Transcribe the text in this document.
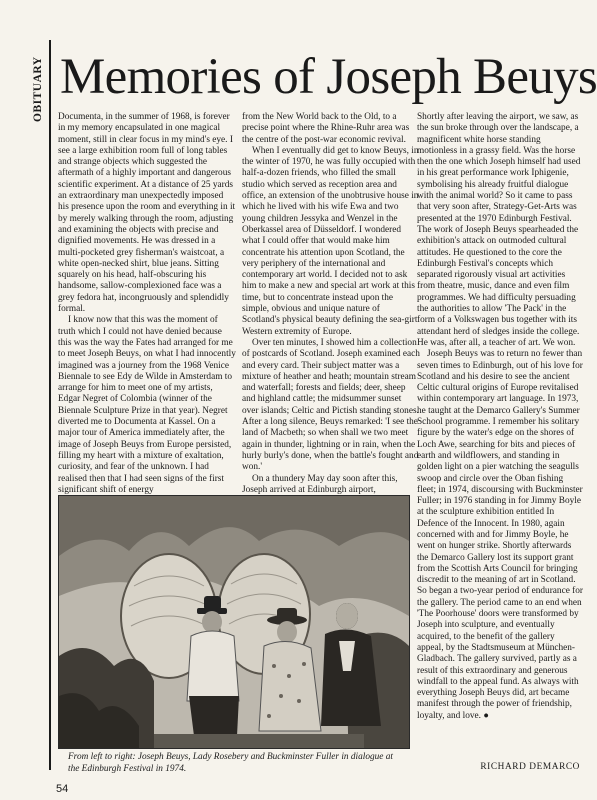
OBITUARY Memories of Joseph Beuys

Documenta, in the summer of 1968, is forever in my memory encapsulated in one magical moment, still in clear focus in my mind's eye. I see a large exhibition room full of long tables and strange objects which suggested the aftermath of a highly important and dangerous scientific experiment. At a distance of 25 yards an extraordinary man unexpectedly imposed his presence upon the room and everything in it by merely walking through the room, adjusting and examining the objects with precise and dignified movements. He was dressed in a multi-pocketed grey fisherman's waistcoat, a white open-necked shirt, blue jeans. Sitting squarely on his head, half-obscuring his handsome, sallow-complexioned face was a grey fedora hat, incongruously and splendidly formal.

I know now that this was the moment of truth which I could not have denied because this was the way the Fates had arranged for me to meet Joseph Beuys, on what I had innocently imagined was a journey from the 1968 Venice Biennale to see Edy de Wilde in Amsterdam to arrange for him to meet one of my artists, Edgar Negret of Colombia (winner of the Biennale Sculpture Prize in that year). Negret diverted me to Documenta at Kassel. On a major tour of America immediately after, the image of Joseph Beuys from Europe persisted, filling my heart with a mixture of exaltation, curiosity, and fear of the unknown. I had realised then that I had seen signs of the first significant shift of energy

from the New World back to the Old, to a precise point where the Rhine-Ruhr area was the centre of the post-war economic revival.

When I eventually did get to know Beuys, in the winter of 1970, he was fully occupied with half-a-dozen friends, who filled the small studio which served as reception area and office, an extension of the unobtrusive house in which he lived with his wife Ewa and two young children Jessyka and Wenzel in the Oberkassel area of Düsseldorf. I wondered what I could offer that would make him concentrate his attention upon Scotland, the very periphery of the international and contemporary art world. I decided not to ask him to make a new and special art work at this time, but to concentrate instead upon the simple, obvious and unique nature of Scotland's physical beauty defining the sea-girt Western extremity of Europe.

Over ten minutes, I showed him a collection of postcards of Scotland. Joseph examined each and every card. Their subject matter was a mixture of heather and heath; mountain stream and waterfall; forests and fields; deer, sheep and highland cattle; the midsummer sunset over islands; Celtic and Pictish standing stones. After a long silence, Beuys remarked: 'I see the land of Macbeth; so when shall we two meet again in thunder, lightning or in rain, when the hurly burly's done, when the battle's fought and won.'

On a thundery May day soon after this, Joseph arrived at Edinburgh airport,

Shortly after leaving the airport, we saw, as the sun broke through over the landscape, a magnificent white horse standing motionless in a grassy field. Was the horse then the one which Joseph himself had used in his great performance work Iphigenie, symbolising his already fruitful dialogue with the animal world? So it came to pass that very soon after, Strategy-Get-Arts was presented at the 1970 Edinburgh Festival. The work of Joseph Beuys spearheaded the exhibition's attack on outmoded cultural attitudes. He questioned to the core the Edinburgh Festival's concepts which separated rigorously visual art activities from theatre, music, dance and even film programmes. We had difficulty persuading the authorities to allow 'The Pack' in the form of a Volkswagen bus together with its attendant herd of sledges inside the college. He was, after all, a teacher of art. We won.

Joseph Beuys was to return no fewer than seven times to Edinburgh, out of his love for Scotland and his desire to see the ancient Celtic cultural origins of Europe revitalised within contemporary art language. In 1973, he taught at the Demarco Gallery's Summer School programme. I remember his solitary figure by the water's edge on the shores of Loch Awe, searching for bits and pieces of earth and wildflowers, and standing in golden light on a pier watching the seagulls swoop and circle over the Oban fishing fleet; in 1974, discoursing with Buckminster Fuller; in 1976 standing in for Jimmy Boyle at the sculpture exhibition entitled In Defence of the Innocent. In 1980, again concerned with and for Jimmy Boyle, he went on hunger strike. Shortly afterwards the Demarco Gallery lost its support grant from the Scottish Arts Council for bringing discredit to the meaning of art in Scotland. So began a two-year period of endurance for the gallery. The period came to an end when 'The Poorhouse' doors were transformed by Joseph into sculpture, and eventually acquired, to the benefit of the gallery appeal, by the Stadtsmuseum at München-Gladbach. The gallery survived, partly as a result of this extraordinary and generous windfall to the appeal fund. As always with everything Joseph Beuys did, art became manifest through the power of friendship, loyalty, and love. ●

From left to right: Joseph Beuys, Lady Rosebery and Buckminster Fuller in dialogue at the Edinburgh Festival in 1974.	RICHARD DEMARCO
54
